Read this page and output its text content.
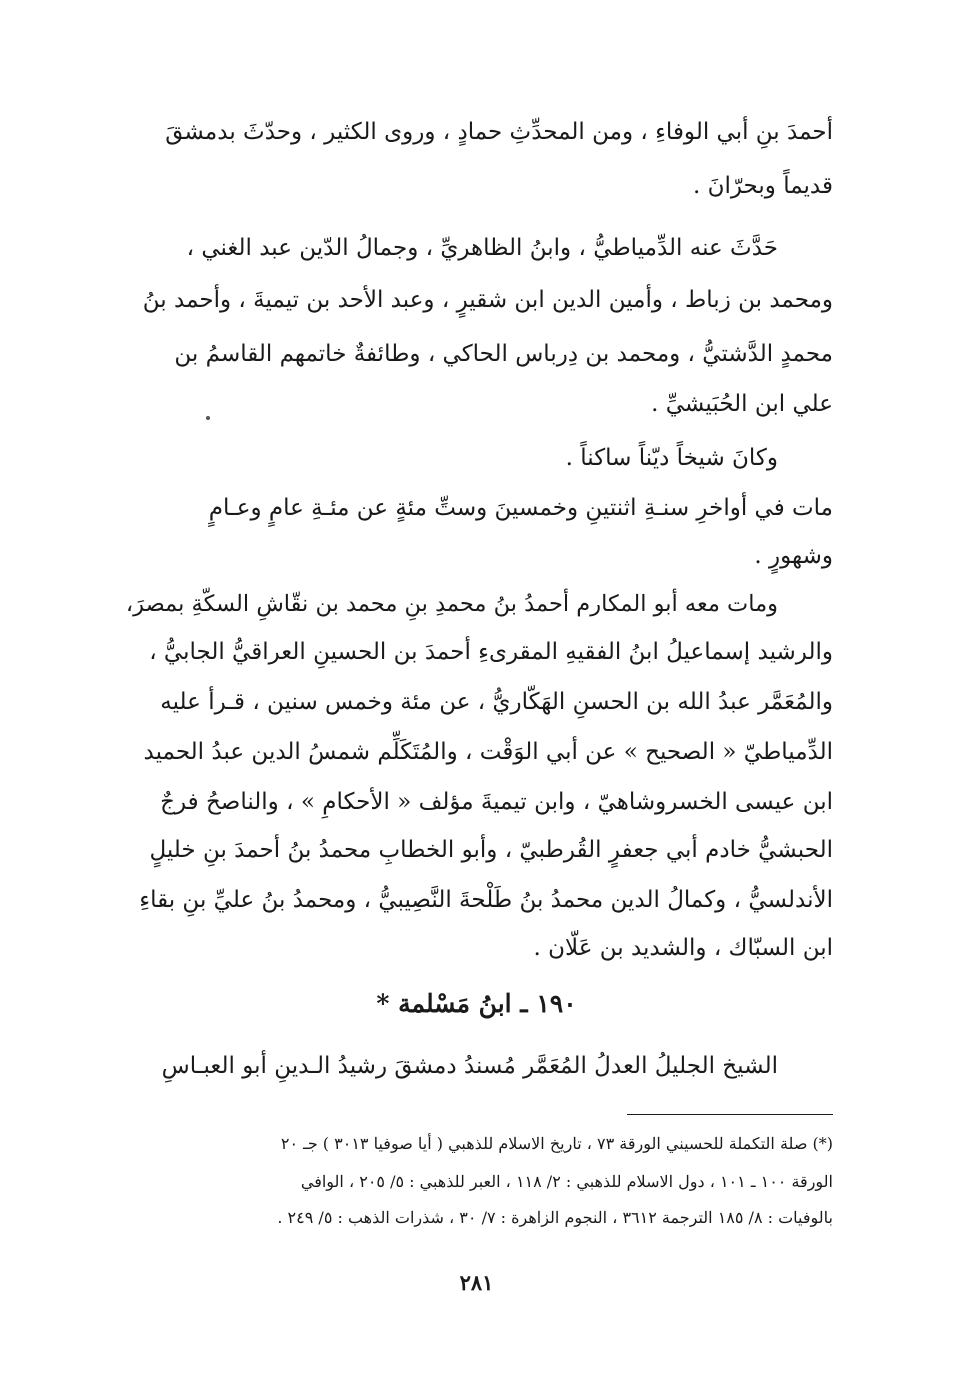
أحمدَ بنِ أبي الوفاءِ ، ومن المحدِّثِ حمادٍ ، وروى الكثير ، وحدّثَ بدمشقَ
قديماً وبحرّانَ .
حَدَّثَ عنه الدِّمياطيُّ ، وابنُ الظاهريِّ ، وجمالُ الدّين عبد الغني ،
ومحمد بن زباط ، وأمين الدين ابن شقيرٍ ، وعبد الأحد بن تيميةَ ، وأحمد بنُ
محمدٍ الدَّشتيُّ ، ومحمد بن دِرباس الحاكي ، وطائفةٌ خاتمهم القاسمُ بن
علي ابن الحُبَيشيِّ .
وكانَ شيخاً ديّناً ساكناً .
مات في أواخرِ سنـةِ اثنتينِ وخمسينَ وستِّ مئةٍ عن مئـةِ عامٍ وعـامٍ
وشهورٍ .
ومات معه أبو المكارم أحمدُ بنُ محمدِ بنِ محمد بن نقّاشِ السكّةِ بمصرَ،
والرشيد إسماعيلُ ابنُ الفقيهِ المقرىءِ أحمدَ بن الحسينِ العراقيُّ الجابيُّ ،
والمُعَمَّر عبدُ الله بن الحسنِ الهَكّاريُّ ، عن مئة وخمس سنين ، قـرأ عليه
الدِّمياطيّ « الصحيح » عن أبي الوَقْت ، والمُتَكَلِّم شمسُ الدين عبدُ الحميد
ابن عيسى الخسروشاهيّ ، وابن تيميةَ مؤلف « الأحكامِ » ، والناصحُ فرجٌ
الحبشيُّ خادم أبي جعفرٍ القُرطبيّ ، وأبو الخطابِ محمدُ بنُ أحمدَ بنِ خليلٍ
الأندلسيُّ ، وكمالُ الدين محمدُ بنُ طَلْحةَ النَّصِيبيُّ ، ومحمدُ بنُ عليِّ بنِ بقاءِ
ابن السبّاك ، والشديد بن عَلّان .
١٩٠ ـ ابنُ مَسْلمة *
الشيخ الجليلُ العدلُ المُعَمَّر مُسندُ دمشقَ رشيدُ الـدينِ أبو العبـاسِ
(*) صلة التكملة للحسيني الورقة ٧٣ ، تاريخ الاسلام للذهبي ( أيا صوفيا ٣٠١٣ ) جـ ٢٠
الورقة ١٠٠ ـ ١٠١ ، دول الاسلام للذهبي : ٢/ ١١٨ ، العبر للذهبي : ٥/ ٢٠٥ ، الوافي
بالوفيات : ٨/ ١٨٥ الترجمة ٣٦١٢ ، النجوم الزاهرة : ٧/ ٣٠ ، شذرات الذهب : ٥/ ٢٤٩ .
٢٨١
